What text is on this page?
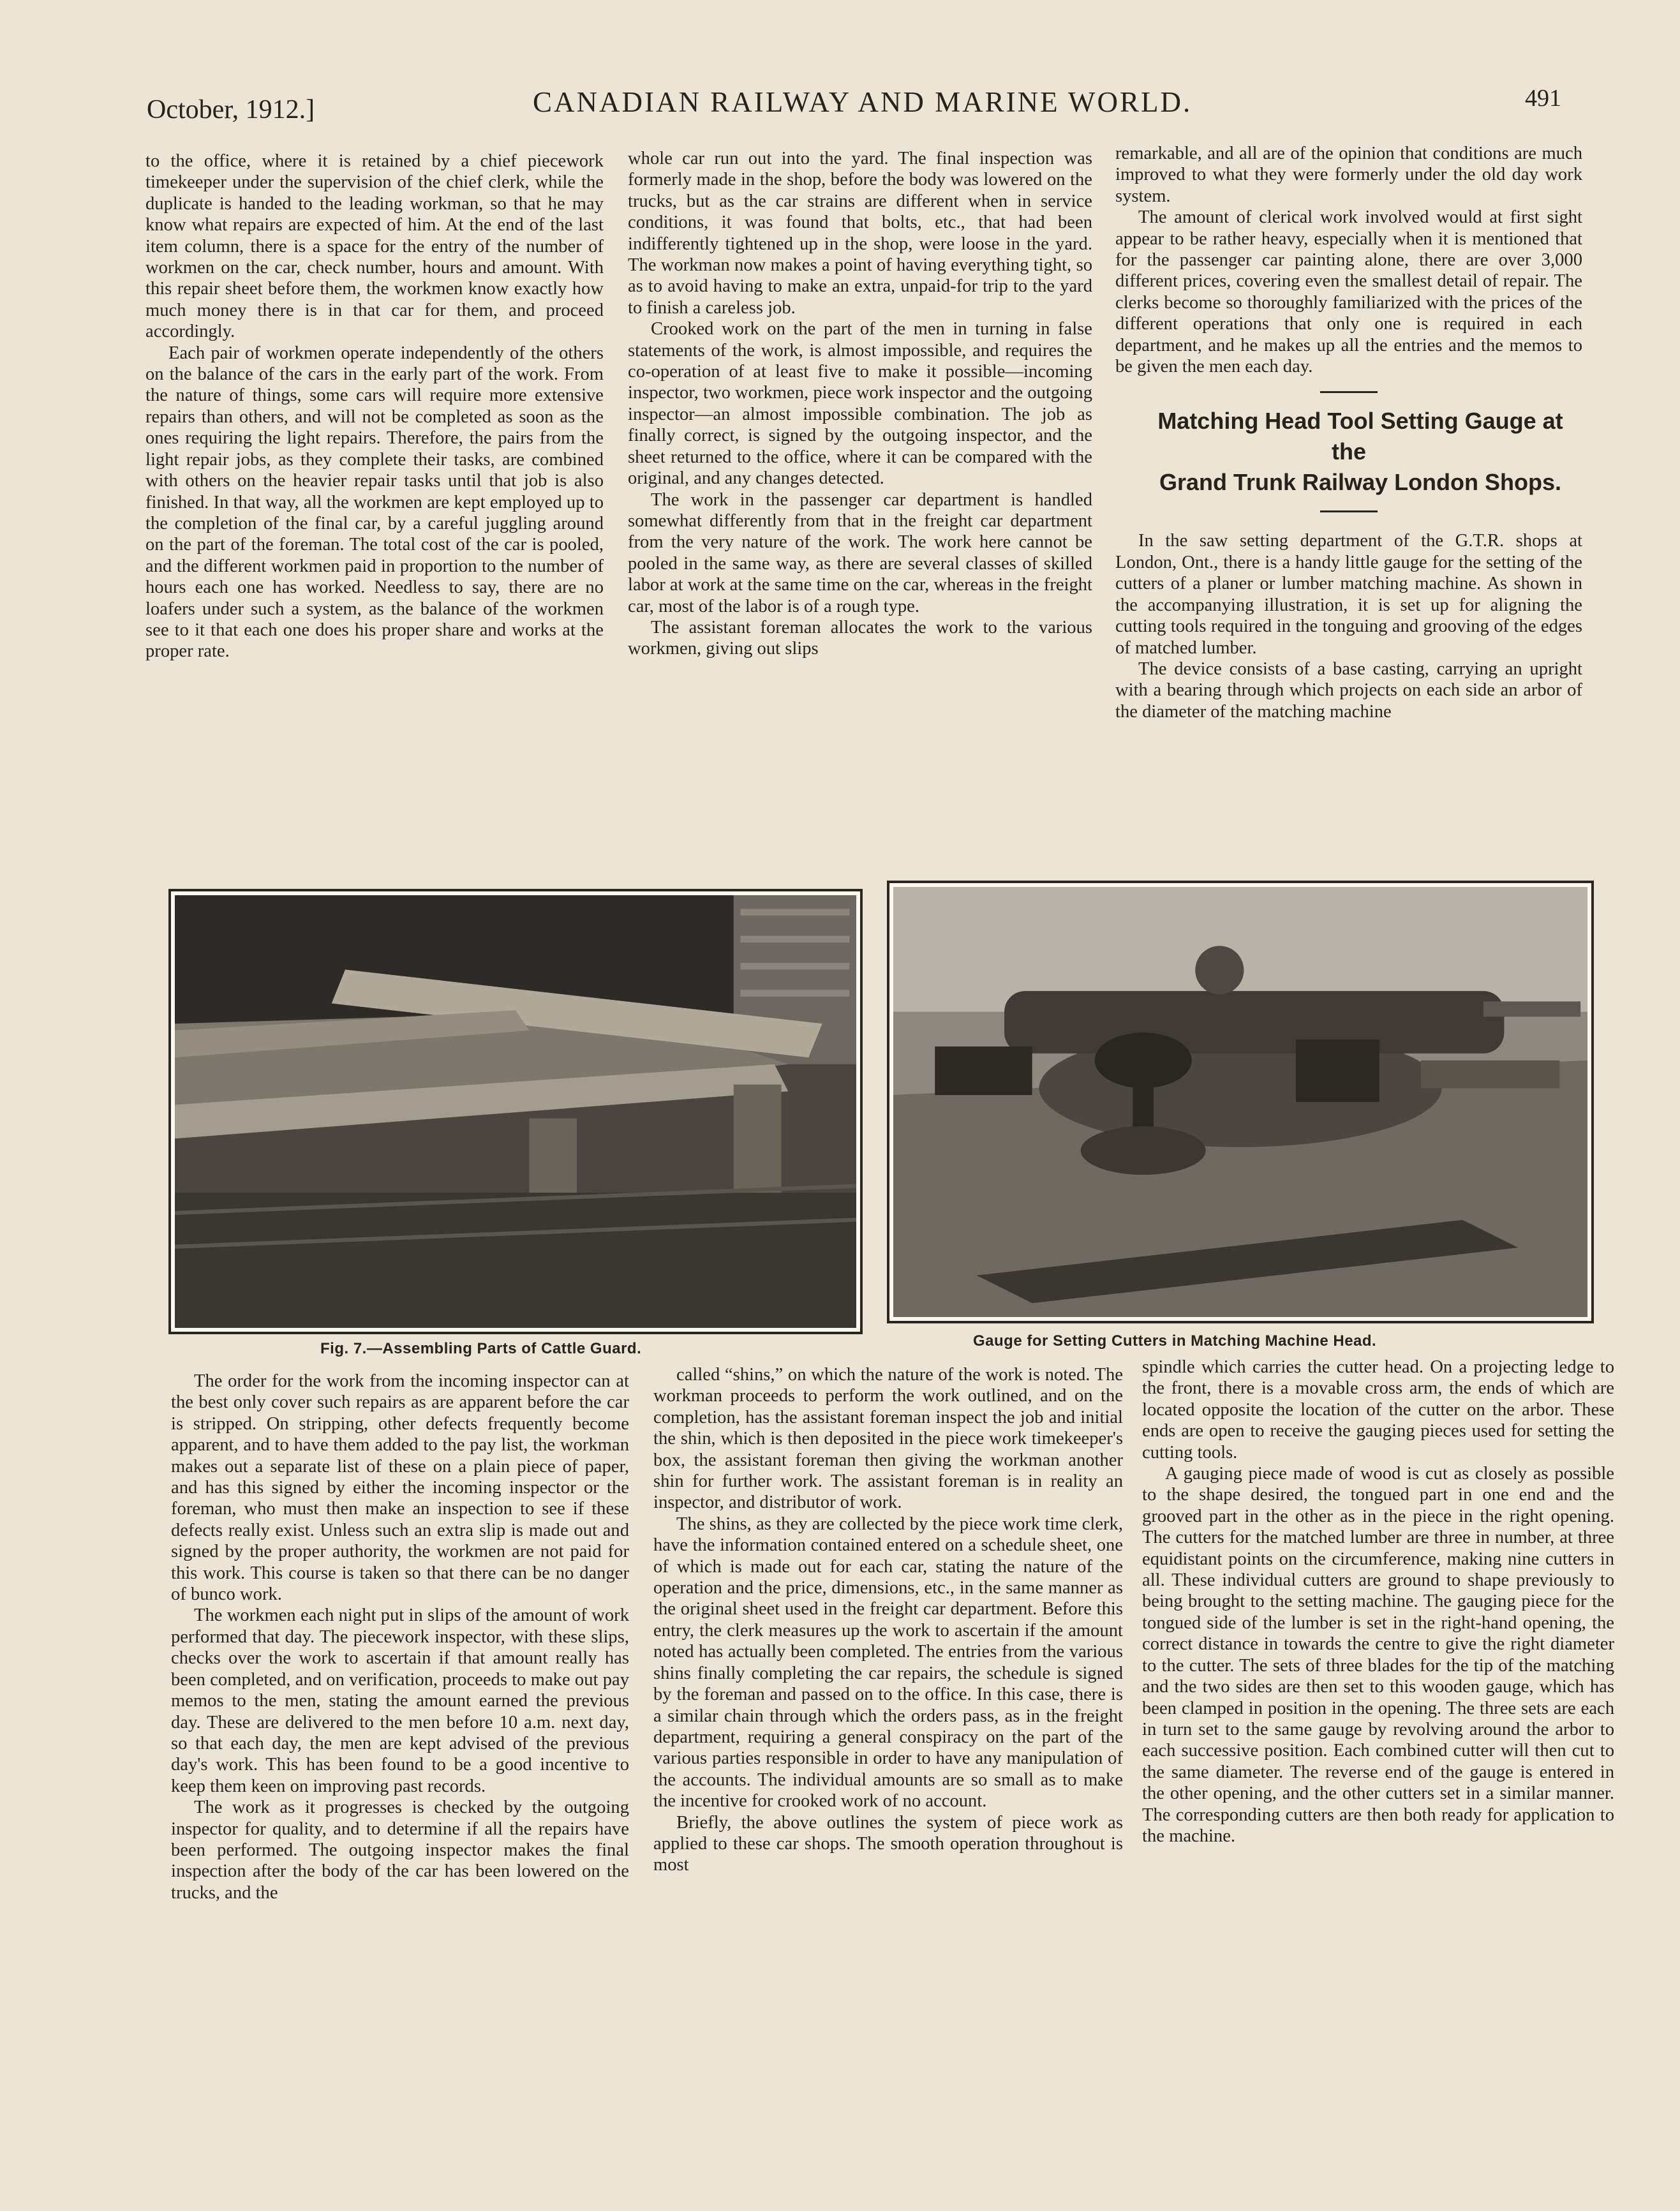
October, 1912.]	CANADIAN RAILWAY AND MARINE WORLD.	491

to the office, where it is retained by a chief piecework timekeeper under the supervision of the chief clerk, while the duplicate is handed to the leading workman, so that he may know what repairs are expected of him. At the end of the last item column, there is a space for the entry of the number of workmen on the car, check number, hours and amount. With this repair sheet before them, the workmen know exactly how much money there is in that car for them, and proceed accordingly.

Each pair of workmen operate independently of the others on the balance of the cars in the early part of the work. From the nature of things, some cars will require more extensive repairs than others, and will not be completed as soon as the ones requiring the light repairs. Therefore, the pairs from the light repair jobs, as they complete their tasks, are combined with others on the heavier repair tasks until that job is also finished. In that way, all the workmen are kept employed up to the completion of the final car, by a careful juggling around on the part of the foreman. The total cost of the car is pooled, and the different workmen paid in proportion to the number of hours each one has worked. Needless to say, there are no loafers under such a system, as the balance of the workmen see to it that each one does his proper share and works at the proper rate.

whole car run out into the yard. The final inspection was formerly made in the shop, before the body was lowered on the trucks, but as the car strains are different when in service conditions, it was found that bolts, etc., that had been indifferently tightened up in the shop, were loose in the yard. The workman now makes a point of having everything tight, so as to avoid having to make an extra, unpaid-for trip to the yard to finish a careless job.

Crooked work on the part of the men in turning in false statements of the work, is almost impossible, and requires the co-operation of at least five to make it possible—incoming inspector, two workmen, piece work inspector and the outgoing inspector—an almost impossible combination. The job as finally correct, is signed by the outgoing inspector, and the sheet returned to the office, where it can be compared with the original, and any changes detected.

The work in the passenger car department is handled somewhat differently from that in the freight car department from the very nature of the work. The work here cannot be pooled in the same way, as there are several classes of skilled labor at work at the same time on the car, whereas in the freight car, most of the labor is of a rough type.

The assistant foreman allocates the work to the various workmen, giving out slips

remarkable, and all are of the opinion that conditions are much improved to what they were formerly under the old day work system.

The amount of clerical work involved would at first sight appear to be rather heavy, especially when it is mentioned that for the passenger car painting alone, there are over 3,000 different prices, covering even the smallest detail of repair. The clerks become so thoroughly familiarized with the prices of the different operations that only one is required in each department, and he makes up all the entries and the memos to be given the men each day.

Matching Head Tool Setting Gauge at the

Grand Trunk Railway London Shops.

In the saw setting department of the G.T.R. shops at London, Ont., there is a handy little gauge for the setting of the cutters of a planer or lumber matching machine. As shown in the accompanying illustration, it is set up for aligning the cutting tools required in the tonguing and grooving of the edges of matched lumber.

The device consists of a base casting, carrying an upright with a bearing through which projects on each side an arbor of the diameter of the matching machine

Fig. 7.—Assembling Parts of Cattle Guard.	Gauge for Setting Cutters in Matching Machine Head.

The order for the work from the incoming inspector can at the best only cover such repairs as are apparent before the car is stripped. On stripping, other defects frequently become apparent, and to have them added to the pay list, the workman makes out a separate list of these on a plain piece of paper, and has this signed by either the incoming inspector or the foreman, who must then make an inspection to see if these defects really exist. Unless such an extra slip is made out and signed by the proper authority, the workmen are not paid for this work. This course is taken so that there can be no danger of bunco work.

The workmen each night put in slips of the amount of work performed that day. The piecework inspector, with these slips, checks over the work to ascertain if that amount really has been completed, and on verification, proceeds to make out pay memos to the men, stating the amount earned the previous day. These are delivered to the men before 10 a.m. next day, so that each day, the men are kept advised of the previous day's work. This has been found to be a good incentive to keep them keen on improving past records.

The work as it progresses is checked by the outgoing inspector for quality, and to determine if all the repairs have been performed. The outgoing inspector makes the final inspection after the body of the car has been lowered on the trucks, and the

called “shins,” on which the nature of the work is noted. The workman proceeds to perform the work outlined, and on the completion, has the assistant foreman inspect the job and initial the shin, which is then deposited in the piece work timekeeper's box, the assistant foreman then giving the workman another shin for further work. The assistant foreman is in reality an inspector, and distributor of work.

The shins, as they are collected by the piece work time clerk, have the information contained entered on a schedule sheet, one of which is made out for each car, stating the nature of the operation and the price, dimensions, etc., in the same manner as the original sheet used in the freight car department. Before this entry, the clerk measures up the work to ascertain if the amount noted has actually been completed. The entries from the various shins finally completing the car repairs, the schedule is signed by the foreman and passed on to the office. In this case, there is a similar chain through which the orders pass, as in the freight department, requiring a general conspiracy on the part of the various parties responsible in order to have any manipulation of the accounts. The individual amounts are so small as to make the incentive for crooked work of no account.

Briefly, the above outlines the system of piece work as applied to these car shops. The smooth operation throughout is most

spindle which carries the cutter head. On a projecting ledge to the front, there is a movable cross arm, the ends of which are located opposite the location of the cutter on the arbor. These ends are open to receive the gauging pieces used for setting the cutting tools.

A gauging piece made of wood is cut as closely as possible to the shape desired, the tongued part in one end and the grooved part in the other as in the piece in the right opening. The cutters for the matched lumber are three in number, at three equidistant points on the circumference, making nine cutters in all. These individual cutters are ground to shape previously to being brought to the setting machine. The gauging piece for the tongued side of the lumber is set in the right-hand opening, the correct distance in towards the centre to give the right diameter to the cutter. The sets of three blades for the tip of the matching and the two sides are then set to this wooden gauge, which has been clamped in position in the opening. The three sets are each in turn set to the same gauge by revolving around the arbor to each successive position. Each combined cutter will then cut to the same diameter. The reverse end of the gauge is entered in the other opening, and the other cutters set in a similar manner. The corresponding cutters are then both ready for application to the machine.
